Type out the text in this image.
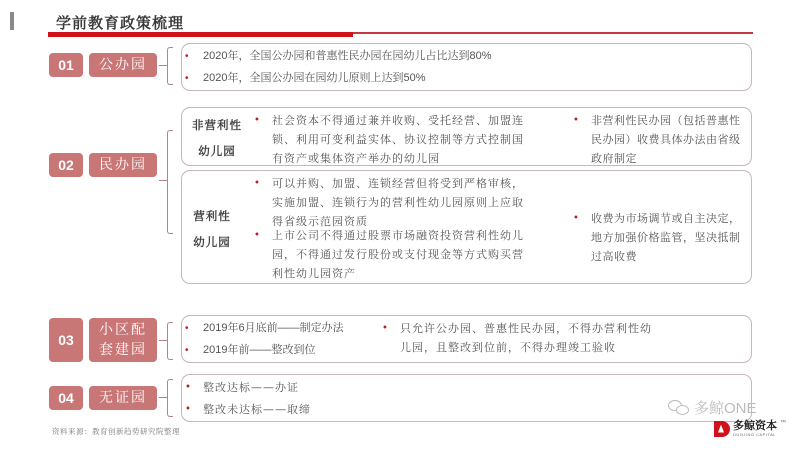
学前教育政策梳理
01	公办园
• 2020年，全国公办园和普惠性民办园在园幼儿占比达到80%
• 2020年，全国公办园在园幼儿原则上达到50%
02	民办园
非营利性
幼儿园
• 社会资本不得通过兼并收购、受托经营、加盟连锁、利用可变利益实体、协议控制等方式控制国有资产或集体资产举办的幼儿园
• 非营利性民办园（包括普惠性民办园）收费具体办法由省级政府制定
营利性
幼儿园
• 可以并购、加盟、连锁经营但将受到严格审核，实施加盟、连锁行为的营利性幼儿园原则上应取得省级示范园资质
• 上市公司不得通过股票市场融资投资营利性幼儿园，不得通过发行股份或支付现金等方式购买营利性幼儿园资产
• 收费为市场调节或自主决定，地方加强价格监管，坚决抵制过高收费
03
小区配
套建园
• 2019年6月底前——制定办法
• 2019年前——整改到位
• 只允许公办园、普惠性民办园，不得办营利性幼儿园，且整改到位前，不得办理竣工验收
04	无证园
• 整改达标——办证
• 整改未达标——取缔
资料来源：教育创新趋势研究院整理
多鲸ONE
多鲸资本
DUOJING CAPITAL
™
